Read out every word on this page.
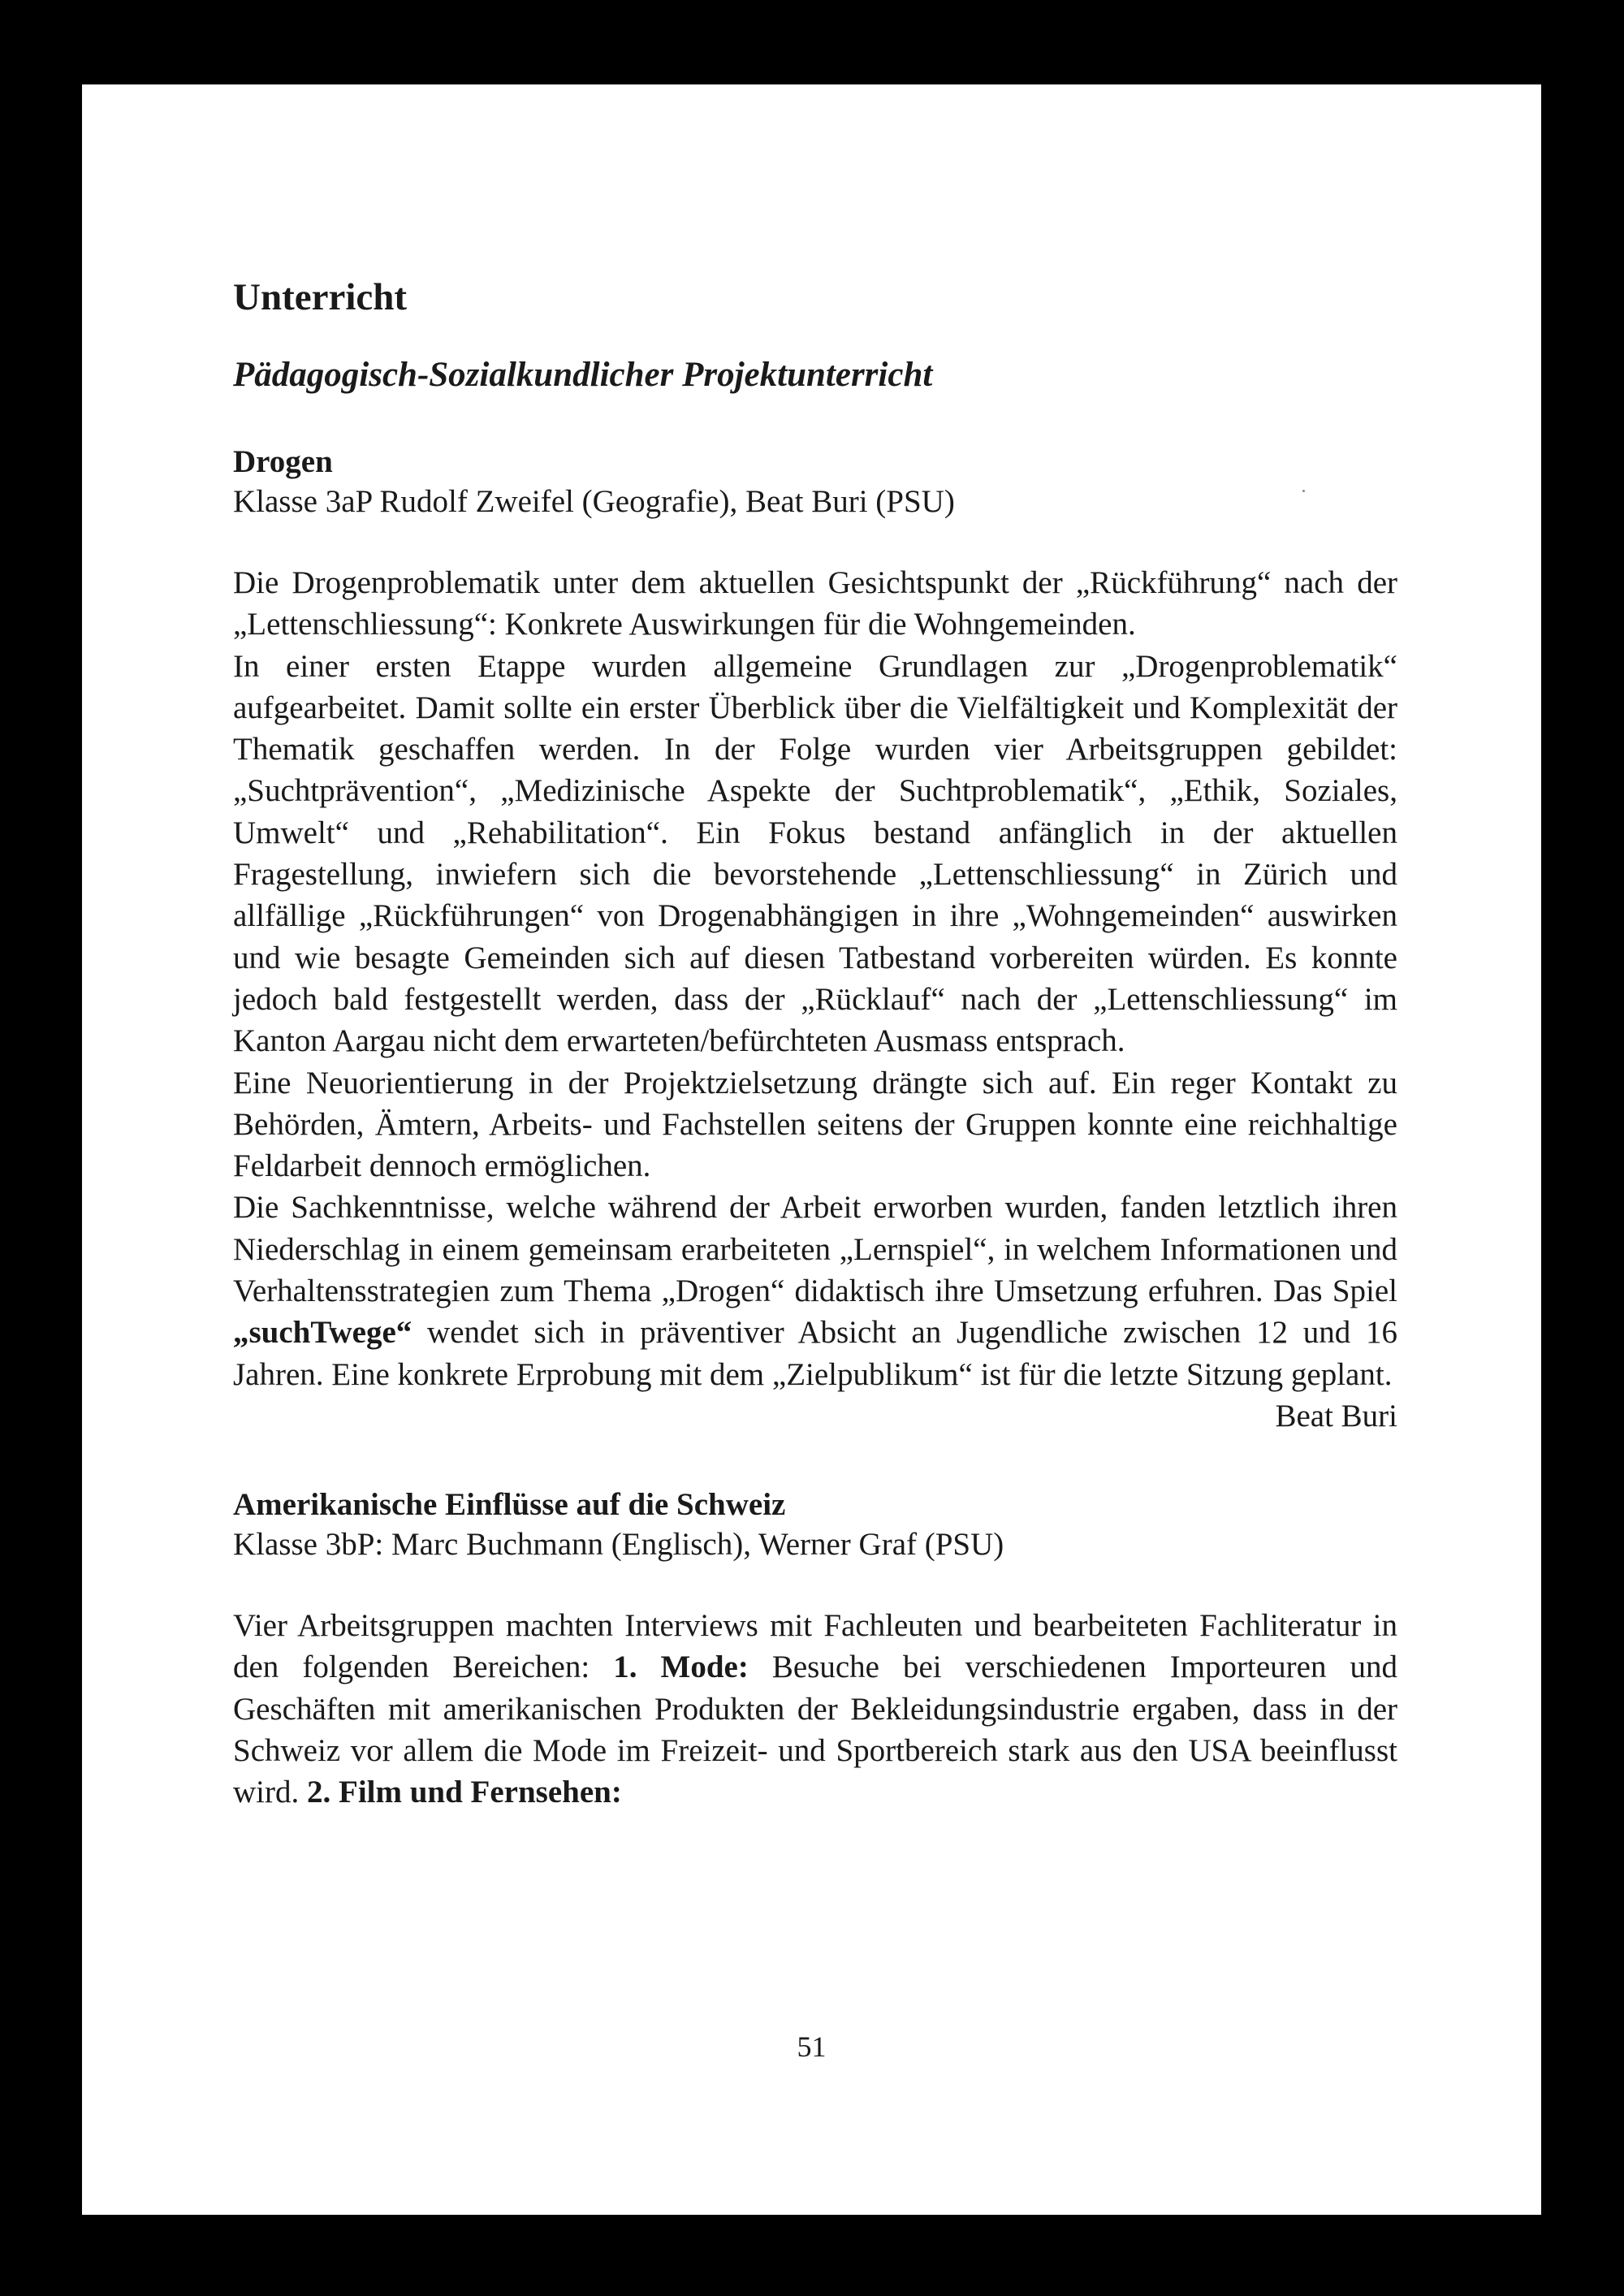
Unterricht
Pädagogisch-Sozialkundlicher Projektunterricht
Drogen

Klasse 3aP Rudolf Zweifel (Geografie), Beat Buri (PSU)

Die Drogenproblematik unter dem aktuellen Gesichtspunkt der „Rückführung“ nach der „Lettenschliessung“: Konkrete Auswirkungen für die Wohngemeinden.

In einer ersten Etappe wurden allgemeine Grundlagen zur „Drogenproblematik“ aufgearbeitet. Damit sollte ein erster Überblick über die Vielfältigkeit und Komplexität der Thematik geschaffen werden. In der Folge wurden vier Arbeitsgruppen gebildet: „Suchtprävention“, „Medizinische Aspekte der Suchtproblematik“, „Ethik, Soziales, Umwelt“ und „Rehabilitation“. Ein Fokus bestand anfänglich in der aktuellen Fragestellung, inwiefern sich die bevorstehende „Lettenschliessung“ in Zürich und allfällige „Rückführungen“ von Drogenabhängigen in ihre „Wohngemeinden“ auswirken und wie besagte Gemeinden sich auf diesen Tatbestand vorbereiten würden. Es konnte jedoch bald festgestellt werden, dass der „Rücklauf“ nach der „Lettenschliessung“ im Kanton Aargau nicht dem erwarteten/befürchteten Ausmass entsprach.

Eine Neuorientierung in der Projektzielsetzung drängte sich auf. Ein reger Kontakt zu Behörden, Ämtern, Arbeits- und Fachstellen seitens der Gruppen konnte eine reichhaltige Feldarbeit dennoch ermöglichen.

Die Sachkenntnisse, welche während der Arbeit erworben wurden, fanden letztlich ihren Niederschlag in einem gemeinsam erarbeiteten „Lernspiel“, in welchem Informationen und Verhaltensstrategien zum Thema „Drogen“ didaktisch ihre Umsetzung erfuhren. Das Spiel „suchTwege“ wendet sich in präventiver Absicht an Jugendliche zwischen 12 und 16 Jahren. Eine konkrete Erprobung mit dem „Zielpublikum“ ist für die letzte Sitzung geplant.

Beat Buri

Amerikanische Einflüsse auf die Schweiz

Klasse 3bP: Marc Buchmann (Englisch), Werner Graf (PSU)

Vier Arbeitsgruppen machten Interviews mit Fachleuten und bearbeiteten Fachliteratur in den folgenden Bereichen: 1. Mode: Besuche bei verschiedenen Importeuren und Geschäften mit amerikanischen Produkten der Bekleidungsindustrie ergaben, dass in der Schweiz vor allem die Mode im Freizeit- und Sportbereich stark aus den USA beeinflusst wird. 2. Film und Fernsehen:

51
